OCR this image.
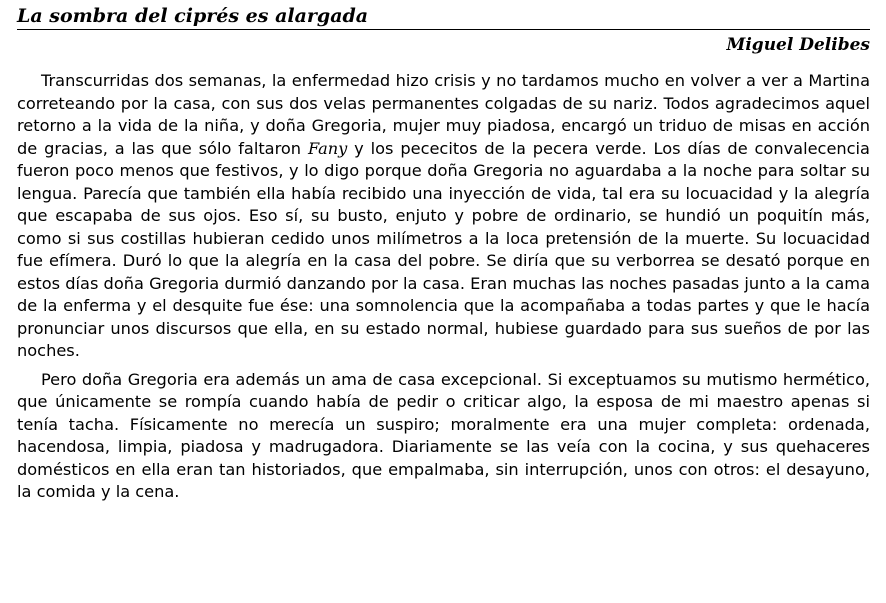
La sombra del ciprés es alargada
Miguel Delibes

Transcurridas dos semanas, la enfermedad hizo crisis y no tardamos mucho en volver a ver a Martina correteando por la casa, con sus dos velas permanentes colgadas de su nariz. Todos agradecimos aquel retorno a la vida de la niña, y doña Gregoria, mujer muy piadosa, encargó un triduo de misas en acción de gracias, a las que sólo faltaron Fany y los pececitos de la pecera verde. Los días de convalecencia fueron poco menos que festivos, y lo digo porque doña Gregoria no aguardaba a la noche para soltar su lengua. Parecía que también ella había recibido una inyección de vida, tal era su locuacidad y la alegría que escapaba de sus ojos. Eso sí, su busto, enjuto y pobre de ordinario, se hundió un poquitín más, como si sus costillas hubieran cedido unos milímetros a la loca pretensión de la muerte. Su locuacidad fue efímera. Duró lo que la alegría en la casa del pobre. Se diría que su verborrea se desató porque en estos días doña Gregoria durmió danzando por la casa. Eran muchas las noches pasadas junto a la cama de la enferma y el desquite fue ése: una somnolencia que la acompañaba a todas partes y que le hacía pronunciar unos discursos que ella, en su estado normal, hubiese guardado para sus sueños de por las noches.

Pero doña Gregoria era además un ama de casa excepcional. Si exceptuamos su mutismo hermético, que únicamente se rompía cuando había de pedir o criticar algo, la esposa de mi maestro apenas si tenía tacha. Físicamente no merecía un suspiro; moralmente era una mujer completa: ordenada, hacendosa, limpia, piadosa y madrugadora. Diariamente se las veía con la cocina, y sus quehaceres domésticos en ella eran tan historiados, que empalmaba, sin interrupción, unos con otros: el desayuno, la comida y la cena.
